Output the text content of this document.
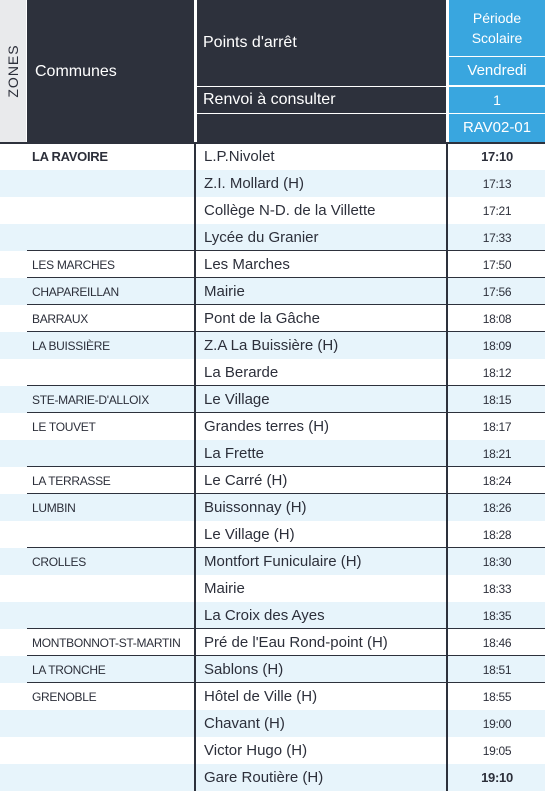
ZONES Communes
Points d'arrêt
Renvoi à consulter
Période Scolaire
Vendredi
1
RAV02-01
LA RAVOIRE	L.P.Nivolet	17:10
Z.I. Mollard (H)	17:13
Collège N-D. de la Villette	17:21
Lycée du Granier	17:33
LES MARCHES	Les Marches	17:50
CHAPAREILLAN	Mairie	17:56
BARRAUX	Pont de la Gâche	18:08
LA BUISSIÈRE	Z.A La Buissière (H)	18:09
La Berarde	18:12
STE-MARIE-D'ALLOIX	Le Village	18:15
LE TOUVET	Grandes terres (H)	18:17
La Frette	18:21
LA TERRASSE	Le Carré (H)	18:24
LUMBIN	Buissonnay (H)	18:26
Le Village (H)	18:28
CROLLES	Montfort Funiculaire (H)	18:30
Mairie	18:33
La Croix des Ayes	18:35
MONTBONNOT-ST-MARTIN	Pré de l'Eau Rond-point (H)	18:46
LA TRONCHE	Sablons (H)	18:51
GRENOBLE	Hôtel de Ville (H)	18:55
Chavant (H)	19:00
Victor Hugo (H)	19:05
Gare Routière (H)	19:10
